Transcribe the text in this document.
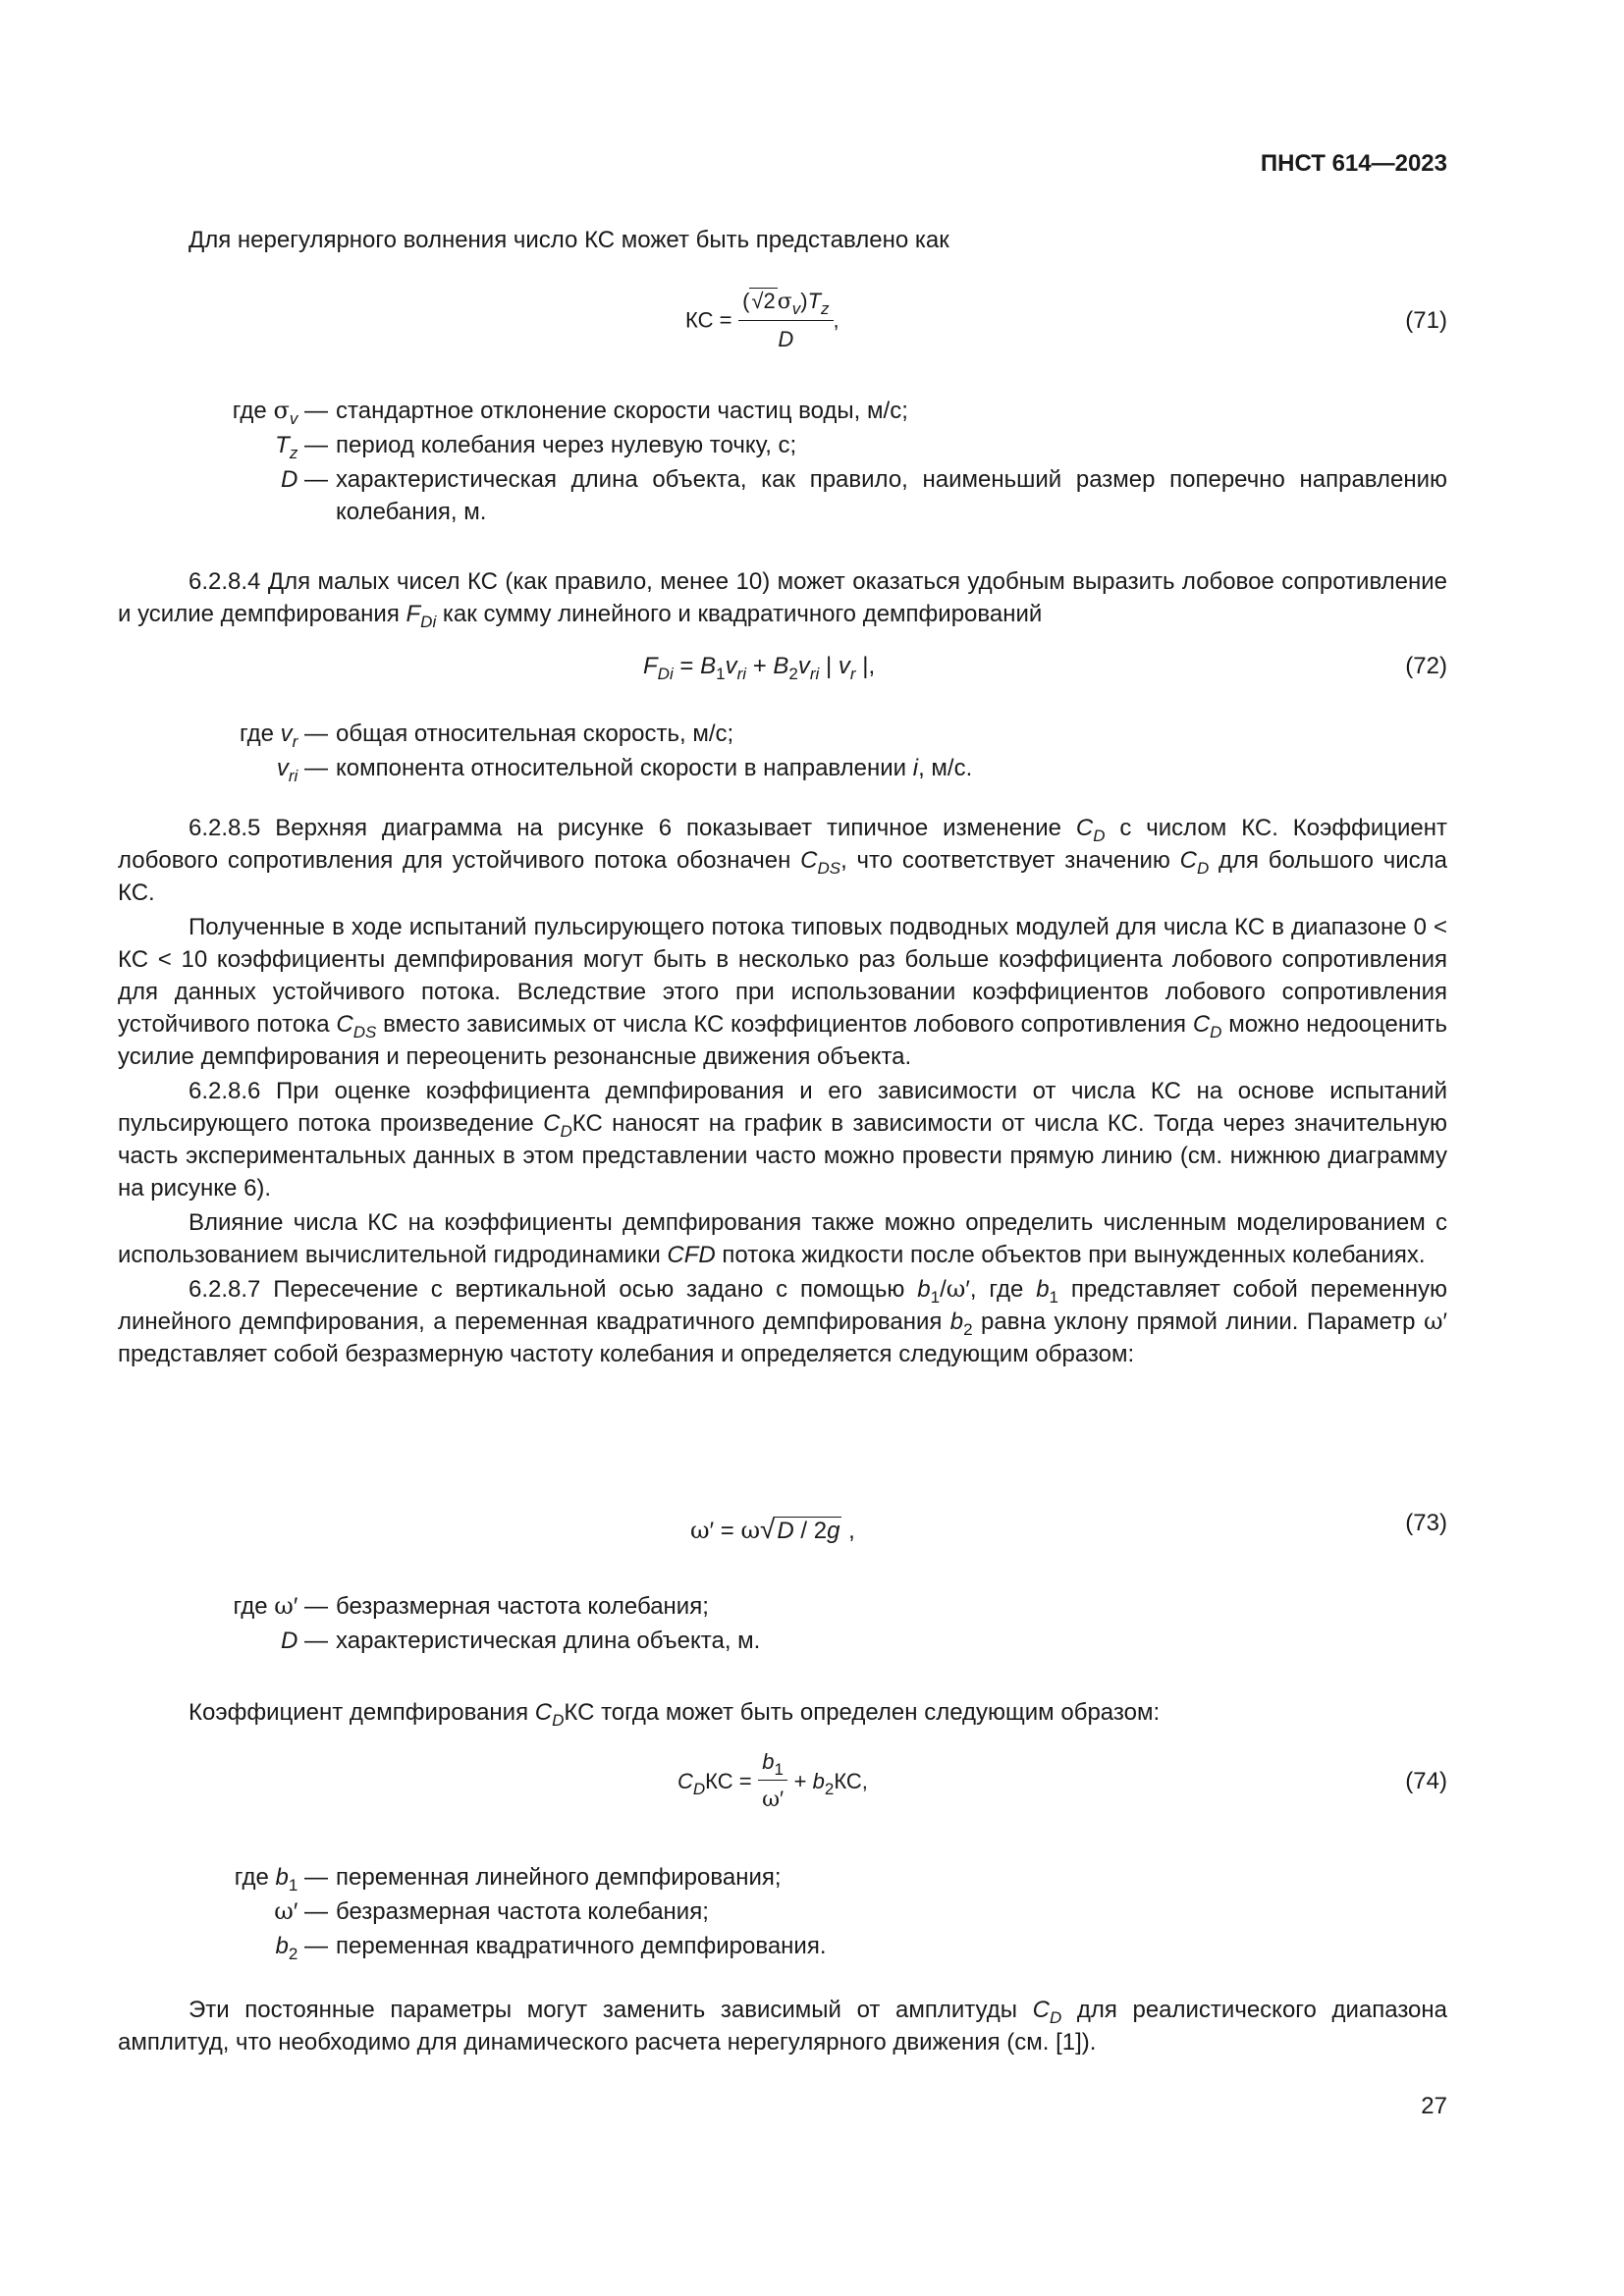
ПНСТ 614—2023

Для нерегулярного волнения число КС может быть представлено как

КС = $\frac{(√2\sigma_v)T_z}{D}$ ,	(71)
где $\sigma_v$ — стандартное отклонение скорости частиц воды, м/с;
$T_z$ — период колебания через нулевую точку, с;
D — характеристическая длина объекта, как правило, наименьший размер поперечно направлению колебания, м.

6.2.8.4 Для малых чисел КС (как правило, менее 10) может оказаться удобным выразить лобовое сопротивление и усилие демпфирования $F_{Di}$ как сумму линейного и квадратичного демпфирований

$F_{Di} = B_1v_{ri} + B_2v_{ri}$ | $v_r$ |,	(72)
где $v_r$ — общая относительная скорость, м/с;
$v_{ri}$ — компонента относительной скорости в направлении i, м/с.

6.2.8.5 Верхняя диаграмма на рисунке 6 показывает типичное изменение $C_D$ с числом КС. Коэффициент лобового сопротивления для устойчивого потока обозначен $C_{DS}$, что соответствует значению $C_D$ для большого числа КС.

Полученные в ходе испытаний пульсирующего потока типовых подводных модулей для числа КС в диапазоне 0 < КС < 10 коэффициенты демпфирования могут быть в несколько раз больше коэффициента лобового сопротивления для данных устойчивого потока. Вследствие этого при использовании коэффициентов лобового сопротивления устойчивого потока $C_{DS}$ вместо зависимых от числа КС коэффициентов лобового сопротивления $C_D$ можно недооценить усилие демпфирования и переоценить резонансные движения объекта.

6.2.8.6 При оценке коэффициента демпфирования и его зависимости от числа КС на основе испытаний пульсирующего потока произведение $C_DКС$ наносят на график в зависимости от числа КС. Тогда через значительную часть экспериментальных данных в этом представлении часто можно провести прямую линию (см. нижнюю диаграмму на рисунке 6).

Влияние числа КС на коэффициенты демпфирования также можно определить численным моделированием с использованием вычислительной гидродинамики CFD потока жидкости после объектов при вынужденных колебаниях.

6.2.8.7 Пересечение с вертикальной осью задано с помощью $b_1/\omega'$, где $b_1$ представляет собой переменную линейного демпфирования, а переменная квадратичного демпфирования $b_2$ равна уклону прямой линии. Параметр ω′ представляет собой безразмерную частоту колебания и определяется следующим образом:

ω′ = ω√D / 2g ,	(73)
где ω′ — безразмерная частота колебания;
D — характеристическая длина объекта, м.

Коэффициент демпфирования $C_DКС$ тогда может быть определен следующим образом:

$C_DКС = \frac{b_1}{\omega'} + b_2КС$,	(74)
где $b_1$ — переменная линейного демпфирования;
ω′ — безразмерная частота колебания;
$b_2$ — переменная квадратичного демпфирования.

Эти постоянные параметры могут заменить зависимый от амплитуды $C_D$ для реалистического диапазона амплитуд, что необходимо для динамического расчета нерегулярного движения (см. [1]).

27
